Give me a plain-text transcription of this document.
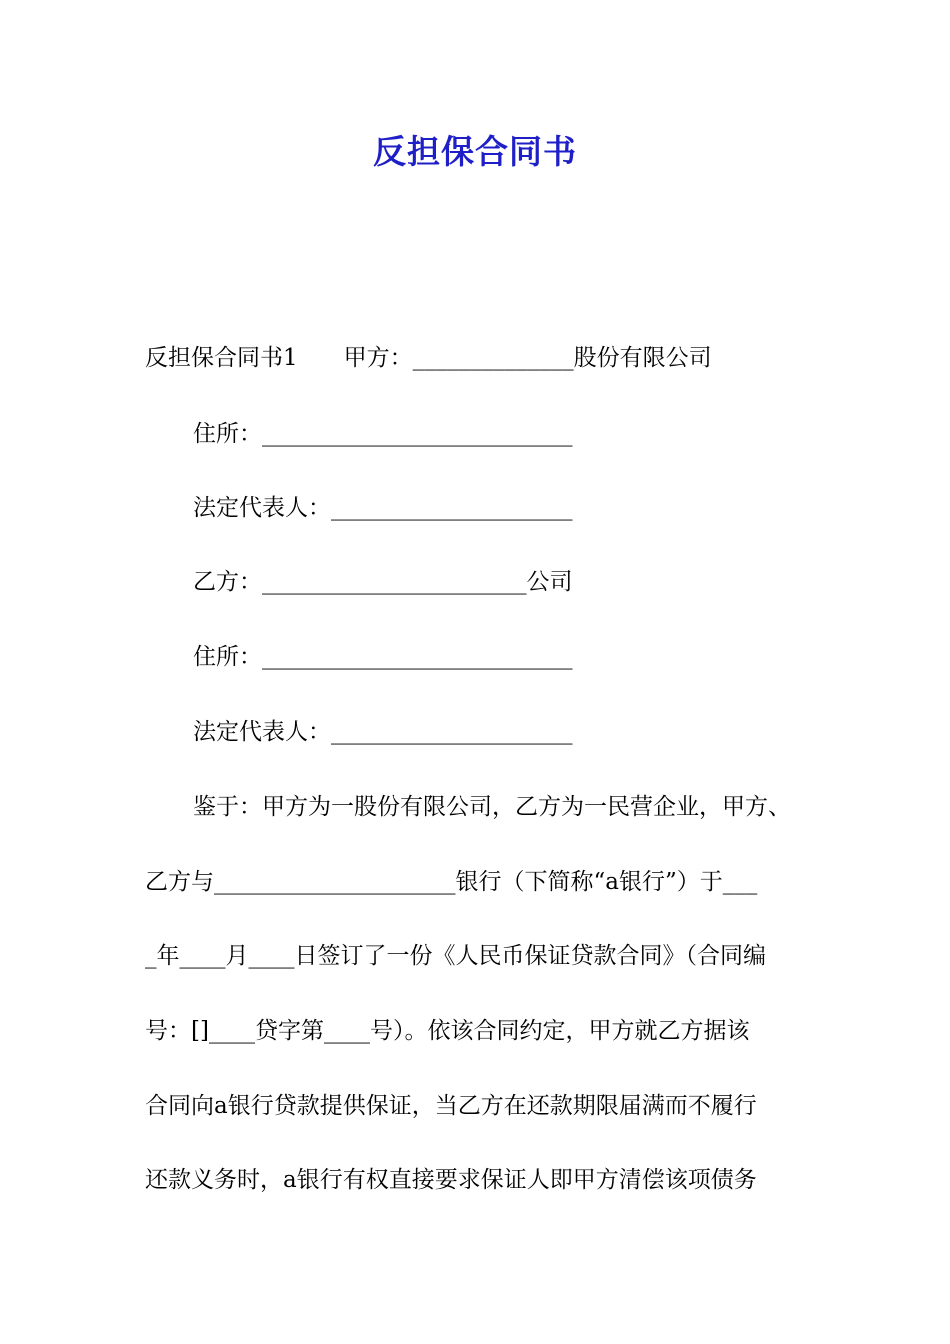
反担保合同书
反担保合同书1　　甲方：______________股份有限公司
住所：___________________________
法定代表人：_____________________
乙方：_______________________公司
住所：___________________________
法定代表人：_____________________
鉴于：甲方为一股份有限公司，乙方为一民营企业，甲方、
乙方与_____________________银行（下简称“a银行”）于___
_年____月____日签订了一份《人民币保证贷款合同》（合同编
号：[]____贷字第____号）。依该合同约定，甲方就乙方据该
合同向a银行贷款提供保证，当乙方在还款期限届满而不履行
还款义务时，a银行有权直接要求保证人即甲方清偿该项债务
